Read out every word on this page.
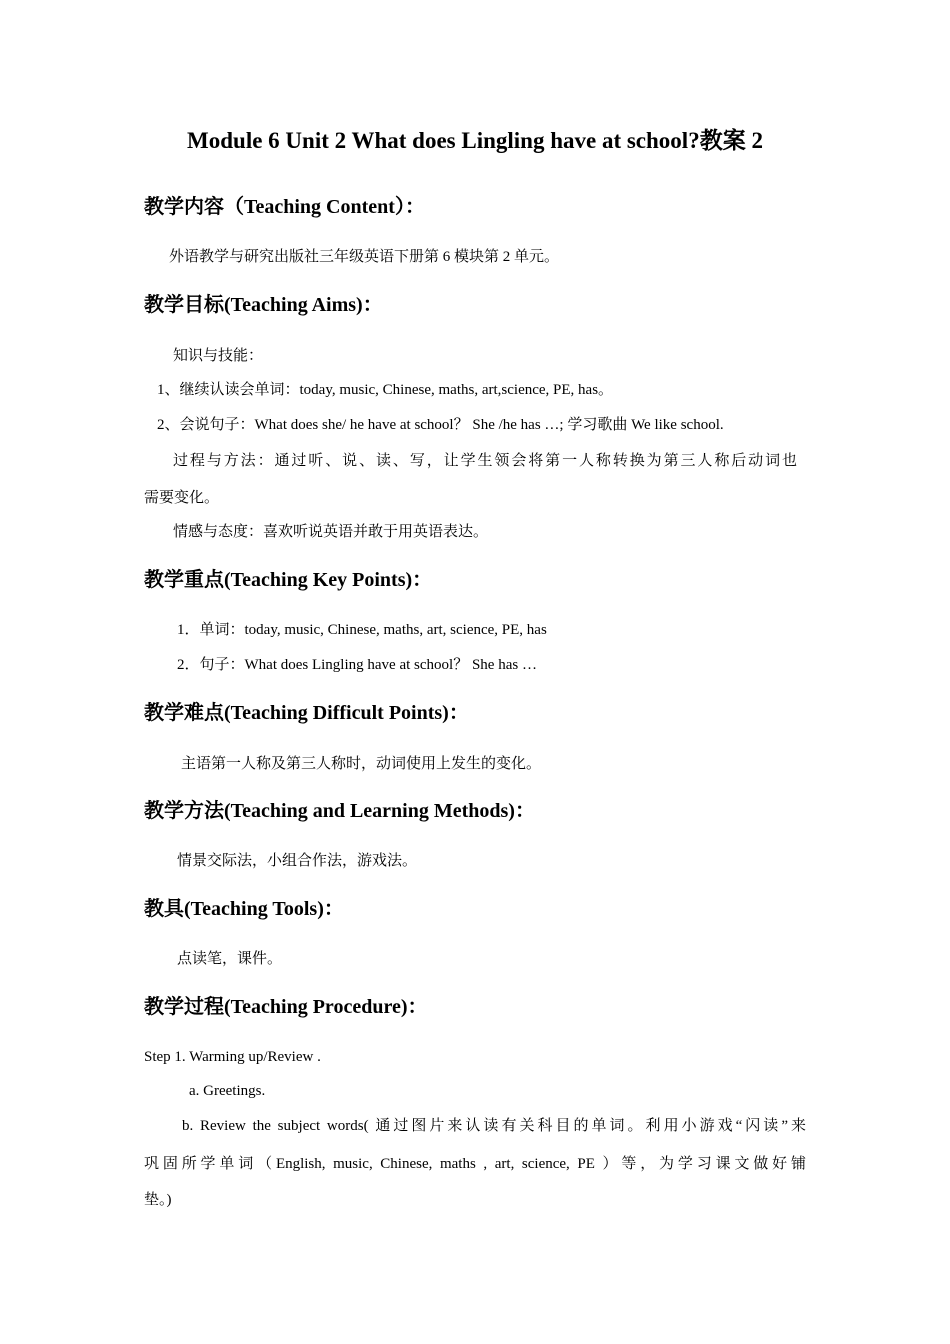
Module 6 Unit 2 What does Lingling have at school?教案 2
教学内容（Teaching Content）：
外语教学与研究出版社三年级英语下册第 6 模块第 2 单元。
教学目标(Teaching Aims)：
知识与技能：
1、继续认读会单词：today, music, Chinese, maths, art,science, PE, has。
2、会说句子：What does she/ he have at school？ She /he has …; 学习歌曲 We like school.
过程与方法：通过听、说、读、写，让学生领会将第一人称转换为第三人称后动词也
需要变化。
情感与态度：喜欢听说英语并敢于用英语表达。
教学重点(Teaching Key Points)：
1．单词：today, music, Chinese, maths, art, science, PE, has
2．句子：What does Lingling have at school？ She has …
教学难点(Teaching Difficult Points)：
主语第一人称及第三人称时，动词使用上发生的变化。
教学方法(Teaching and Learning Methods)：
情景交际法，小组合作法，游戏法。
教具(Teaching Tools)：
点读笔，课件。
教学过程(Teaching Procedure)：
Step 1. Warming up/Review .
a. Greetings.
b. Review the subject words( 通过图片来认读有关科目的单词。利用小游戏“闪读”来
巩固所学单词（English, music, Chinese, maths , art, science, PE ）等，为学习课文做好铺
垫。)
